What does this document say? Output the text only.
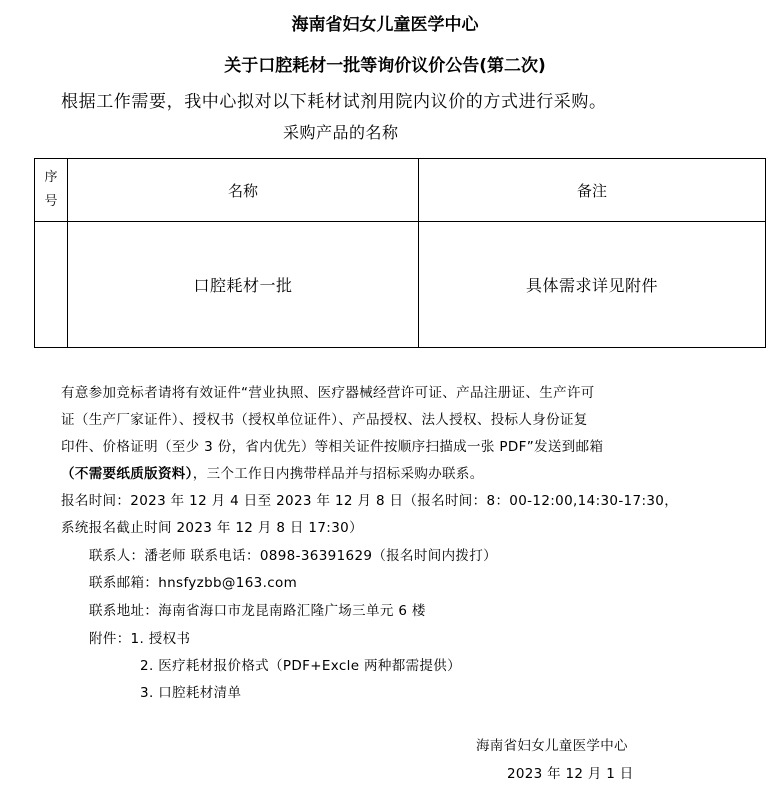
海南省妇女儿童医学中心
关于口腔耗材一批等询价议价公告(第二次)
根据工作需要，我中心拟对以下耗材试剂用院内议价的方式进行采购。
采购产品的名称
序
号	名称	备注
	口腔耗材一批	具体需求详见附件
有意参加竞标者请将有效证件“营业执照、医疗器械经营许可证、产品注册证、生产许可
证（生产厂家证件）、授权书（授权单位证件）、产品授权、法人授权、投标人身份证复
印件、价格证明（至少 3 份，省内优先）等相关证件按顺序扫描成一张 PDF”发送到邮箱
（不需要纸质版资料），三个工作日内携带样品并与招标采购办联系。
报名时间：2023 年 12 月 4 日至 2023 年 12 月 8 日（报名时间：8：00-12:00,14:30-17:30，
系统报名截止时间 2023 年 12 月 8 日 17:30）
联系人：潘老师 联系电话：0898-36391629（报名时间内拨打）
联系邮箱：hnsfyzbb@163.com
联系地址：海南省海口市龙昆南路汇隆广场三单元 6 楼
附件：1. 授权书
2. 医疗耗材报价格式（PDF+Excle 两种都需提供）
3. 口腔耗材清单
海南省妇女儿童医学中心
2023 年 12 月 1 日
